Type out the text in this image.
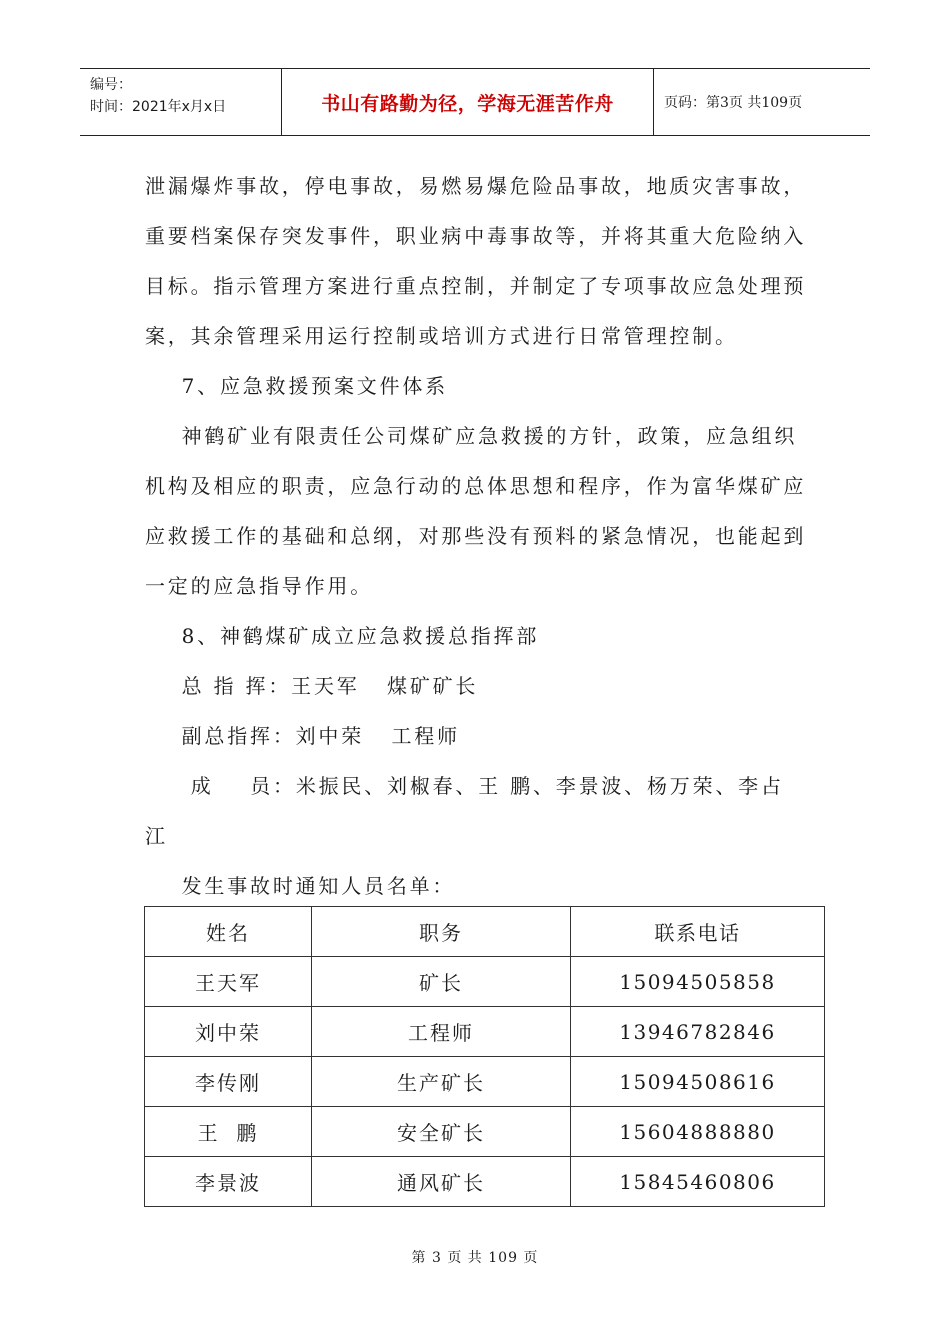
编号：
时间：2021年x月x日	书山有路勤为径，学海无涯苦作舟	页码：第3页 共109页
泄漏爆炸事故，停电事故，易燃易爆危险品事故，地质灾害事故，
重要档案保存突发事件，职业病中毒事故等，并将其重大危险纳入
目标。指示管理方案进行重点控制，并制定了专项事故应急处理预
案，其余管理采用运行控制或培训方式进行日常管理控制。
7、应急救援预案文件体系
神鹤矿业有限责任公司煤矿应急救援的方针，政策，应急组织
机构及相应的职责，应急行动的总体思想和程序，作为富华煤矿应
应救援工作的基础和总纲，对那些没有预料的紧急情况，也能起到
一定的应急指导作用。
8、神鹤煤矿成立应急救援总指挥部
总 指 挥：王天军   煤矿矿长
副总指挥：刘中荣   工程师
成    员：米振民、刘椒春、王 鹏、李景波、杨万荣、李占
江
发生事故时通知人员名单：
姓名	职务	联系电话
王天军	矿长	15094505858
刘中荣	工程师	13946782846
李传刚	生产矿长	15094508616
王  鹏	安全矿长	15604888880
李景波	通风矿长	15845460806
第 3 页 共 109 页
